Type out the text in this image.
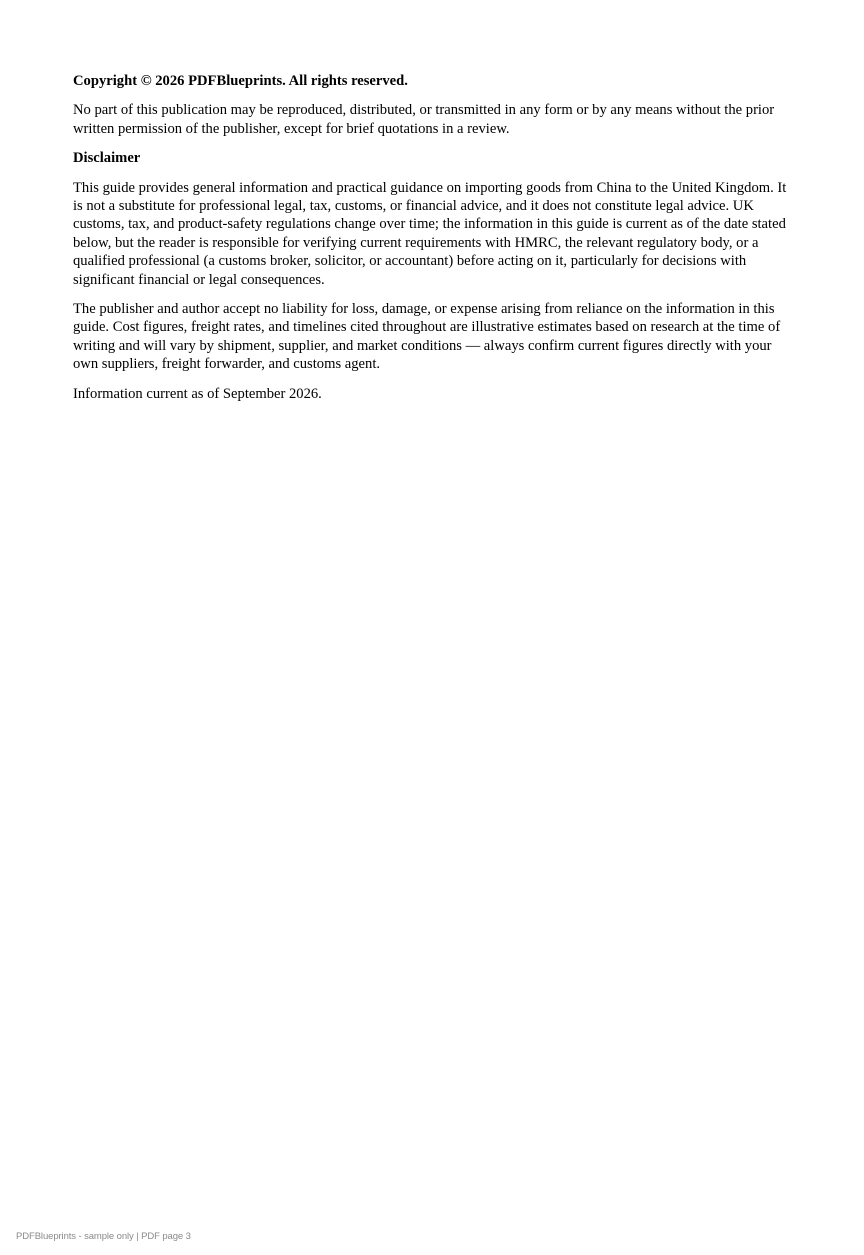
Copyright © 2026 PDFBlueprints. All rights reserved.

No part of this publication may be reproduced, distributed, or transmitted in any form or by any means without the prior written permission of the publisher, except for brief quotations in a review.

Disclaimer

This guide provides general information and practical guidance on importing goods from China to the United Kingdom. It is not a substitute for professional legal, tax, customs, or financial advice, and it does not constitute legal advice. UK customs, tax, and product-safety regulations change over time; the information in this guide is current as of the date stated below, but the reader is responsible for verifying current requirements with HMRC, the relevant regulatory body, or a qualified professional (a customs broker, solicitor, or accountant) before acting on it, particularly for decisions with significant financial or legal consequences.

The publisher and author accept no liability for loss, damage, or expense arising from reliance on the information in this guide. Cost figures, freight rates, and timelines cited throughout are illustrative estimates based on research at the time of writing and will vary by shipment, supplier, and market conditions — always confirm current figures directly with your own suppliers, freight forwarder, and customs agent.

Information current as of September 2026.

PDFBlueprints - sample only | PDF page 3
